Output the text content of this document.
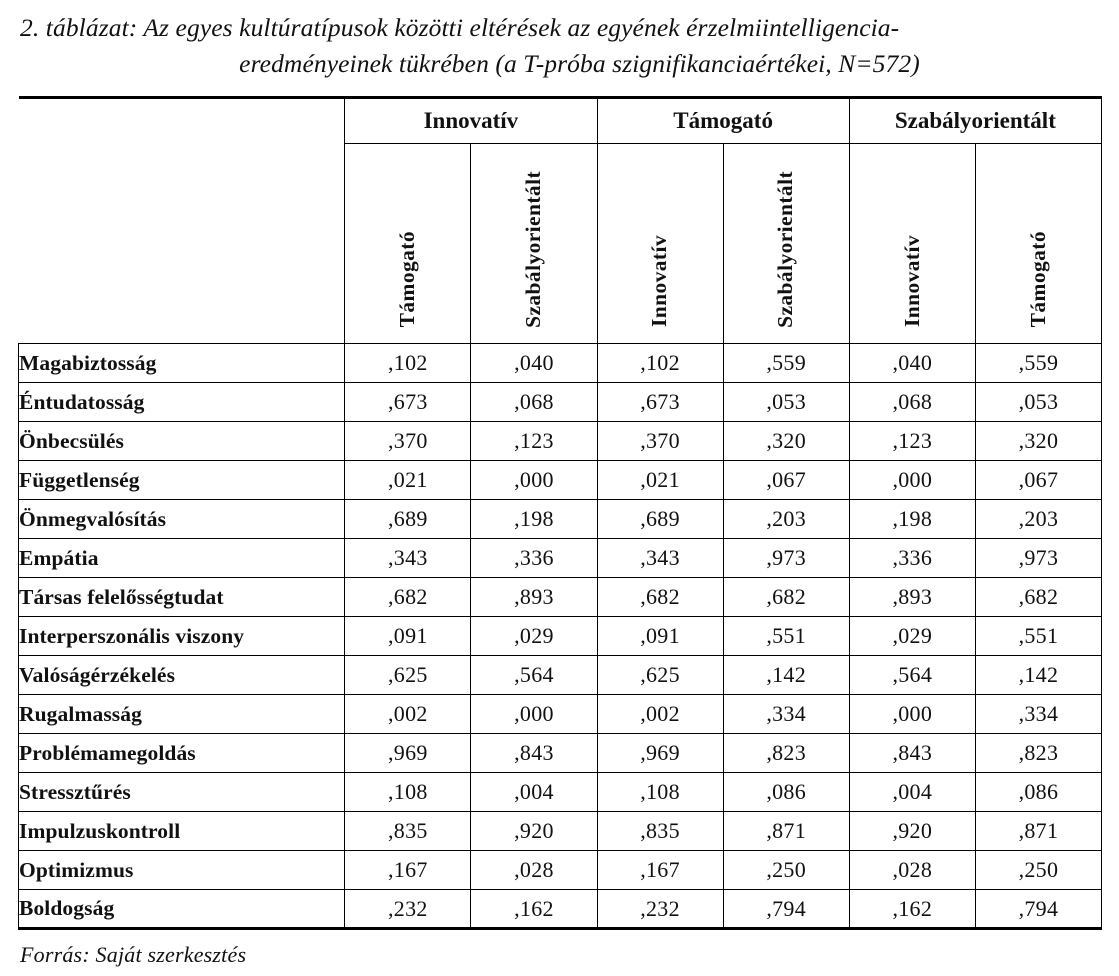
2. táblázat: Az egyes kultúratípusok közötti eltérések az egyének érzelmiintelligencia-
eredményeinek tükrében (a T-próba szignifikanciaértékei, N=572)
	Innovatív		Támogató		Szabályorientált	
	Támogató	Szabályorientált	Innovatív	Szabályorientált	Innovatív	Támogató
Magabiztosság	,102	,040	,102	,559	,040	,559
Éntudatosság	,673	,068	,673	,053	,068	,053
Önbecsülés	,370	,123	,370	,320	,123	,320
Függetlenség	,021	,000	,021	,067	,000	,067
Önmegvalósítás	,689	,198	,689	,203	,198	,203
Empátia	,343	,336	,343	,973	,336	,973
Társas felelősségtudat	,682	,893	,682	,682	,893	,682
Interperszonális viszony	,091	,029	,091	,551	,029	,551
Valóságérzékelés	,625	,564	,625	,142	,564	,142
Rugalmasság	,002	,000	,002	,334	,000	,334
Problémamegoldás	,969	,843	,969	,823	,843	,823
Stressztűrés	,108	,004	,108	,086	,004	,086
Impulzuskontroll	,835	,920	,835	,871	,920	,871
Optimizmus	,167	,028	,167	,250	,028	,250
Boldogság	,232	,162	,232	,794	,162	,794
Forrás: Saját szerkesztés
